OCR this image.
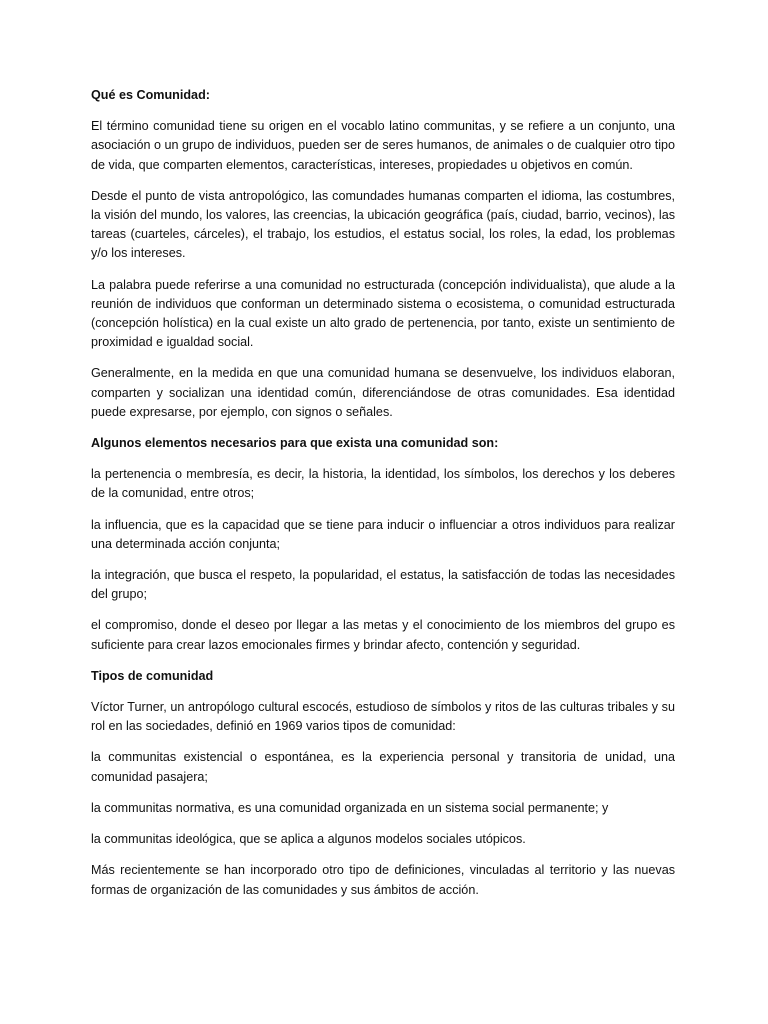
Qué es Comunidad:

El término comunidad tiene su origen en el vocablo latino communitas, y se refiere a un conjunto, una asociación o un grupo de individuos, pueden ser de seres humanos, de animales o de cualquier otro tipo de vida, que comparten elementos, características, intereses, propiedades u objetivos en común.

Desde el punto de vista antropológico, las comundades humanas comparten el idioma, las costumbres, la visión del mundo, los valores, las creencias, la ubicación geográfica (país, ciudad, barrio, vecinos), las tareas (cuarteles, cárceles), el trabajo, los estudios, el estatus social, los roles, la edad, los problemas y/o los intereses.

La palabra puede referirse a una comunidad no estructurada (concepción individualista), que alude a la reunión de individuos que conforman un determinado sistema o ecosistema, o comunidad estructurada (concepción holística) en la cual existe un alto grado de pertenencia, por tanto, existe un sentimiento de proximidad e igualdad social.

Generalmente, en la medida en que una comunidad humana se desenvuelve, los individuos elaboran, comparten y socializan una identidad común, diferenciándose de otras comunidades. Esa identidad puede expresarse, por ejemplo, con signos o señales.

Algunos elementos necesarios para que exista una comunidad son:

la pertenencia o membresía, es decir, la historia, la identidad, los símbolos, los derechos y los deberes de la comunidad, entre otros;

la influencia, que es la capacidad que se tiene para inducir o influenciar a otros individuos para realizar una determinada acción conjunta;

la integración, que busca el respeto, la popularidad, el estatus, la satisfacción de todas las necesidades del grupo;

el compromiso, donde el deseo por llegar a las metas y el conocimiento de los miembros del grupo es suficiente para crear lazos emocionales firmes y brindar afecto, contención y seguridad.

Tipos de comunidad

Víctor Turner, un antropólogo cultural escocés, estudioso de símbolos y ritos de las culturas tribales y su rol en las sociedades, definió en 1969 varios tipos de comunidad:

la communitas existencial o espontánea, es la experiencia personal y transitoria de unidad, una comunidad pasajera;

la communitas normativa, es una comunidad organizada en un sistema social permanente; y

la communitas ideológica, que se aplica a algunos modelos sociales utópicos.

Más recientemente se han incorporado otro tipo de definiciones, vinculadas al territorio y las nuevas formas de organización de las comunidades y sus ámbitos de acción.
